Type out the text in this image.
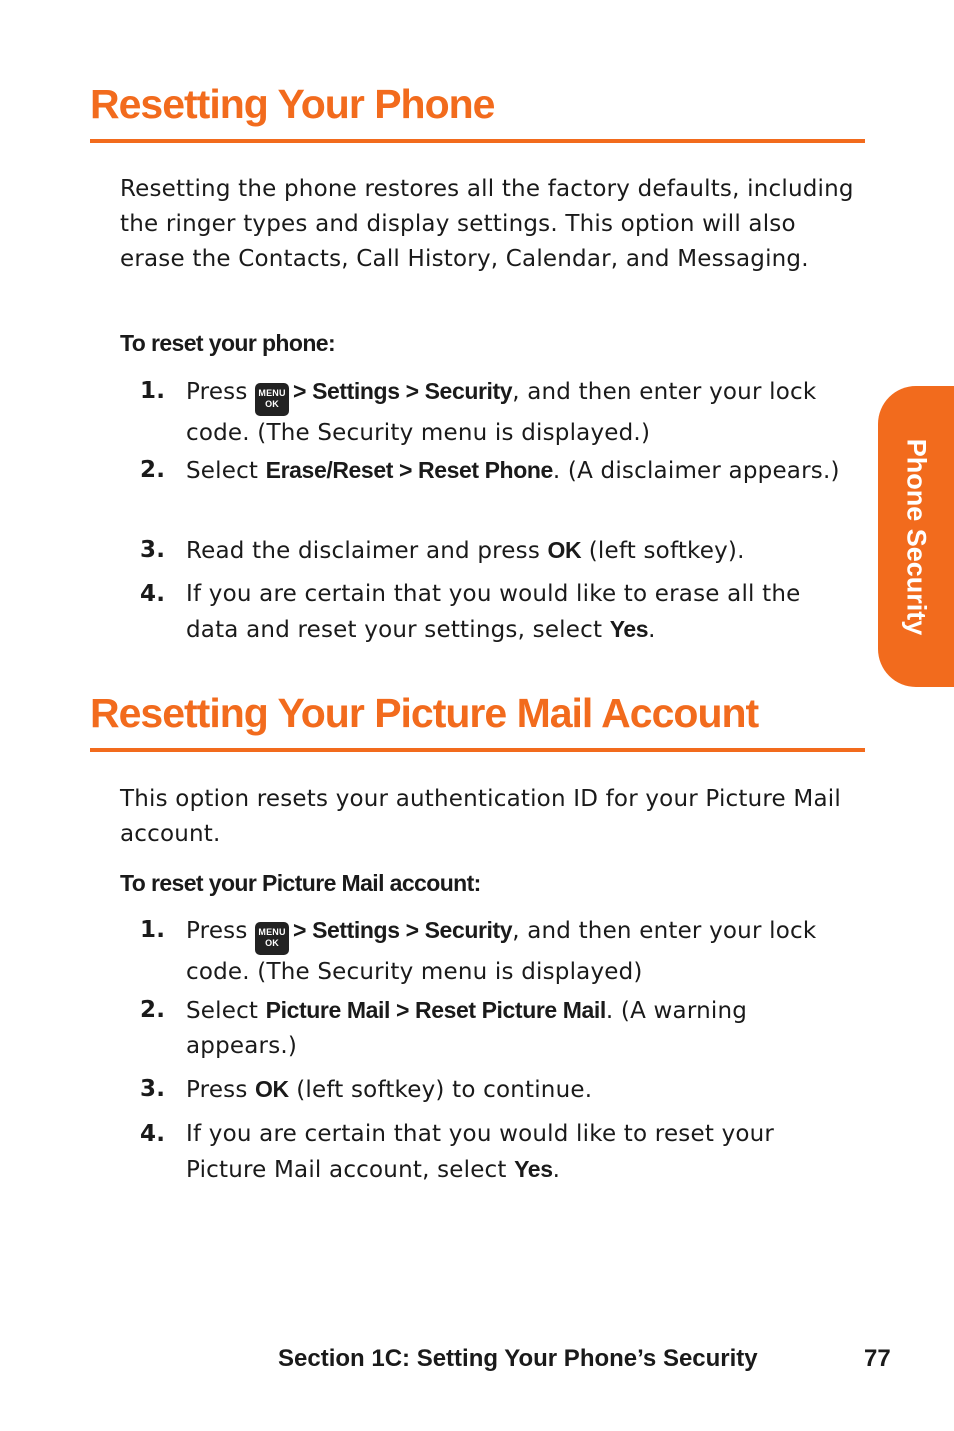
Resetting Your Phone

Resetting the phone restores all the factory defaults, including the ringer types and display settings. This option will also erase the Contacts, Call History, Calendar, and Messaging.

To reset your phone:

1. Press MENU
OK > Settings > Security, and then enter your lock code. (The Security menu is displayed.)
2. Select Erase/Reset > Reset Phone. (A disclaimer appears.)
3. Read the disclaimer and press OK (left softkey).
4. If you are certain that you would like to erase all the data and reset your settings, select Yes.
Resetting Your Picture Mail Account

This option resets your authentication ID for your Picture Mail account.

To reset your Picture Mail account:

1. Press MENU
OK > Settings > Security, and then enter your lock code. (The Security menu is displayed)
2. Select Picture Mail > Reset Picture Mail. (A warning appears.)
3. Press OK (left softkey) to continue.
4. If you are certain that you would like to reset your Picture Mail account, select Yes.
Phone Security

Section 1C: Setting Your Phone’s Security	77
